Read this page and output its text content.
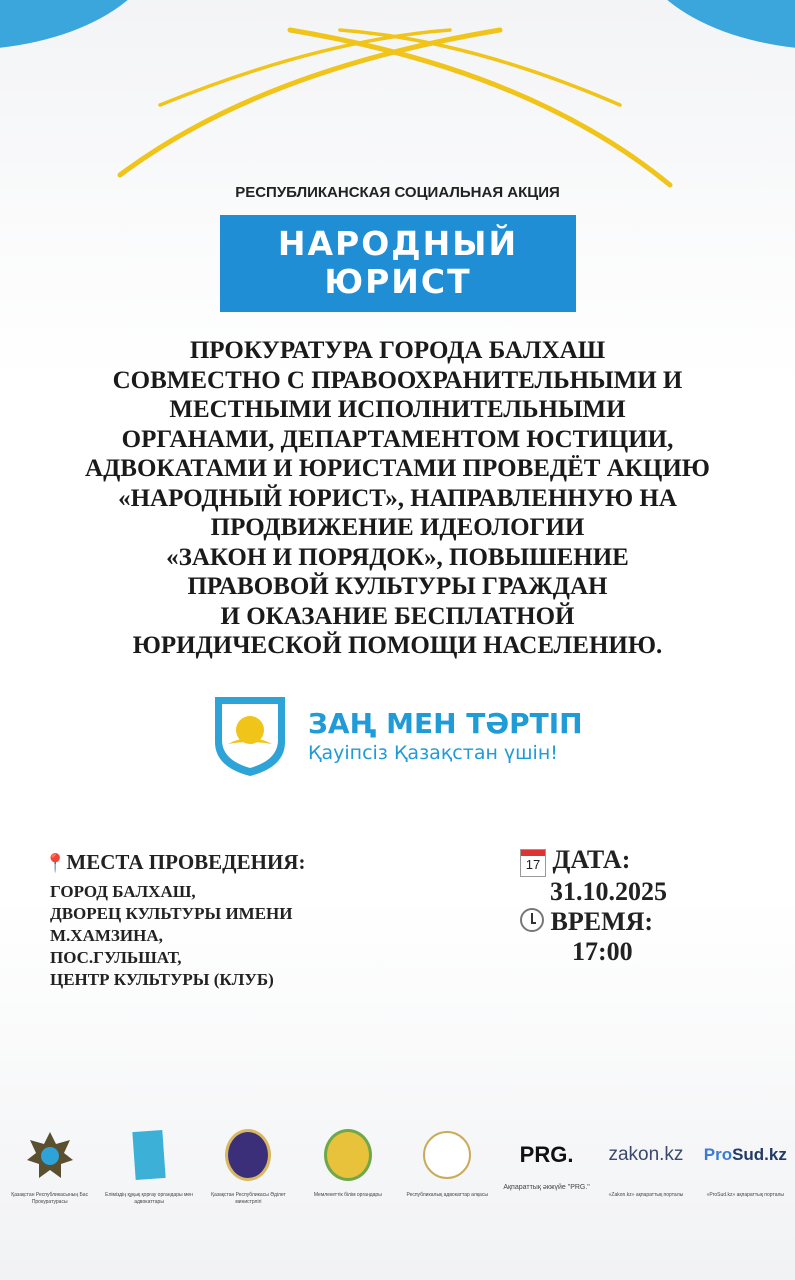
РЕСПУБЛИКАНСКАЯ СОЦИАЛЬНАЯ АКЦИЯ
НАРОДНЫЙ
ЮРИСТ
ПРОКУРАТУРА ГОРОДА БАЛХАШ
СОВМЕСТНО С ПРАВООХРАНИТЕЛЬНЫМИ И
МЕСТНЫМИ ИСПОЛНИТЕЛЬНЫМИ
ОРГАНАМИ, ДЕПАРТАМЕНТОМ ЮСТИЦИИ,
АДВОКАТАМИ И ЮРИСТАМИ ПРОВЕДЁТ АКЦИЮ
«НАРОДНЫЙ ЮРИСТ», НАПРАВЛЕННУЮ НА
ПРОДВИЖЕНИЕ ИДЕОЛОГИИ
«ЗАКОН И ПОРЯДОК», ПОВЫШЕНИЕ
ПРАВОВОЙ КУЛЬТУРЫ ГРАЖДАН
И ОКАЗАНИЕ БЕСПЛАТНОЙ
ЮРИДИЧЕСКОЙ ПОМОЩИ НАСЕЛЕНИЮ.
ЗАҢ МЕН ТӘРТІП
Қауіпсіз Қазақстан үшін!
📍МЕСТА ПРОВЕДЕНИЯ:
ГОРОД БАЛХАШ,
ДВОРЕЦ КУЛЬТУРЫ ИМЕНИ
М.ХАМЗИНА,
ПОС.ГУЛЬШАТ,
ЦЕНТР КУЛЬТУРЫ (КЛУБ)
17 ДАТА:
31.10.2025
ВРЕМЯ:
17:00
Қазақстан Республикасының Бас Прокуратурасы
Еліміздің құқық қорғау органдары мен адвокаттары
Қазақстан Республикасы Әділет министрлігі
Мемлекеттік білім органдары	Республикалық адвокаттар алқасы
PRG.
Ақпараттық әкжүйе "PRG."
zakon.kz
«Zakon.kz» ақпараттық порталы
Pro Sud.kz
«ProSud.kz» ақпараттық порталы
